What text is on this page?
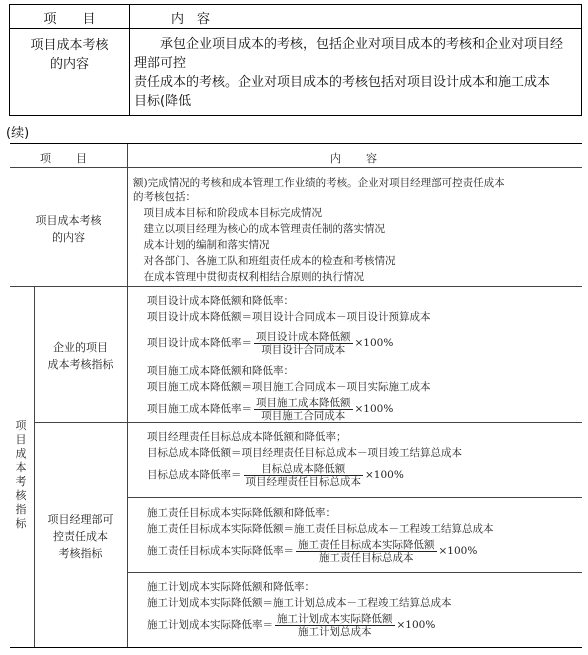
项　　目	内　容
项目成本考核
的内容
　　承包企业项目成本的考核，包括企业对项目成本的考核和企业对项目经
理部可控
责任成本的考核。企业对项目成本的考核包括对项目设计成本和施工成本
目标(降低
(续)
项　　目	内　　容
项目成本考核
的内容
额)完成情况的考核和成本管理工作业绩的考核。企业对项目经理部可控责任成本
的考核包括：
　项目成本目标和阶段成本目标完成情况
　建立以项目经理为核心的成本管理责任制的落实情况
　成本计划的编制和落实情况
　对各部门、各施工队和班组责任成本的检查和考核情况
　在成本管理中贯彻责权利相结合原则的执行情况
项
目
成
本
考
核
指
标
企业的项目
成本考核指标
项目设计成本降低额和降低率：
项目设计成本降低额＝项目设计合同成本－项目设计预算成本
项目设计成本降低率＝ $\frac{\text{项目设计成本降低额}}{\text{项目设计合同成本}} \times 100\%$
项目施工成本降低额和降低率：
项目施工成本降低额＝项目施工合同成本－项目实际施工成本
项目施工成本降低率＝ $\frac{\text{项目施工成本降低额}}{\text{项目施工合同成本}} \times 100\%$
项目经理部可
控责任成本
考核指标
项目经理责任目标总成本降低额和降低率；
目标总成本降低额＝项目经理责任目标总成本－项目竣工结算总成本
目标总成本降低率＝ $\frac{\text{目标总成本降低额}}{\text{项目经理责任目标总成本}} \times 100\%$
施工责任目标成本实际降低额和降低率：
施工责任目标成本实际降低额＝施工责任目标总成本－工程竣工结算总成本
施工责任目标成本实际降低率＝ $\frac{\text{施工责任目标成本实际降低额}}{\text{施工责任目标总成本}} \times 100\%$
施工计划成本实际降低额和降低率：
施工计划成本实际降低额＝施工计划总成本－工程竣工结算总成本
施工计划成本实际降低率＝ $\frac{\text{施工计划成本实际降低额}}{\text{施工计划总成本}} \times 100\%$
